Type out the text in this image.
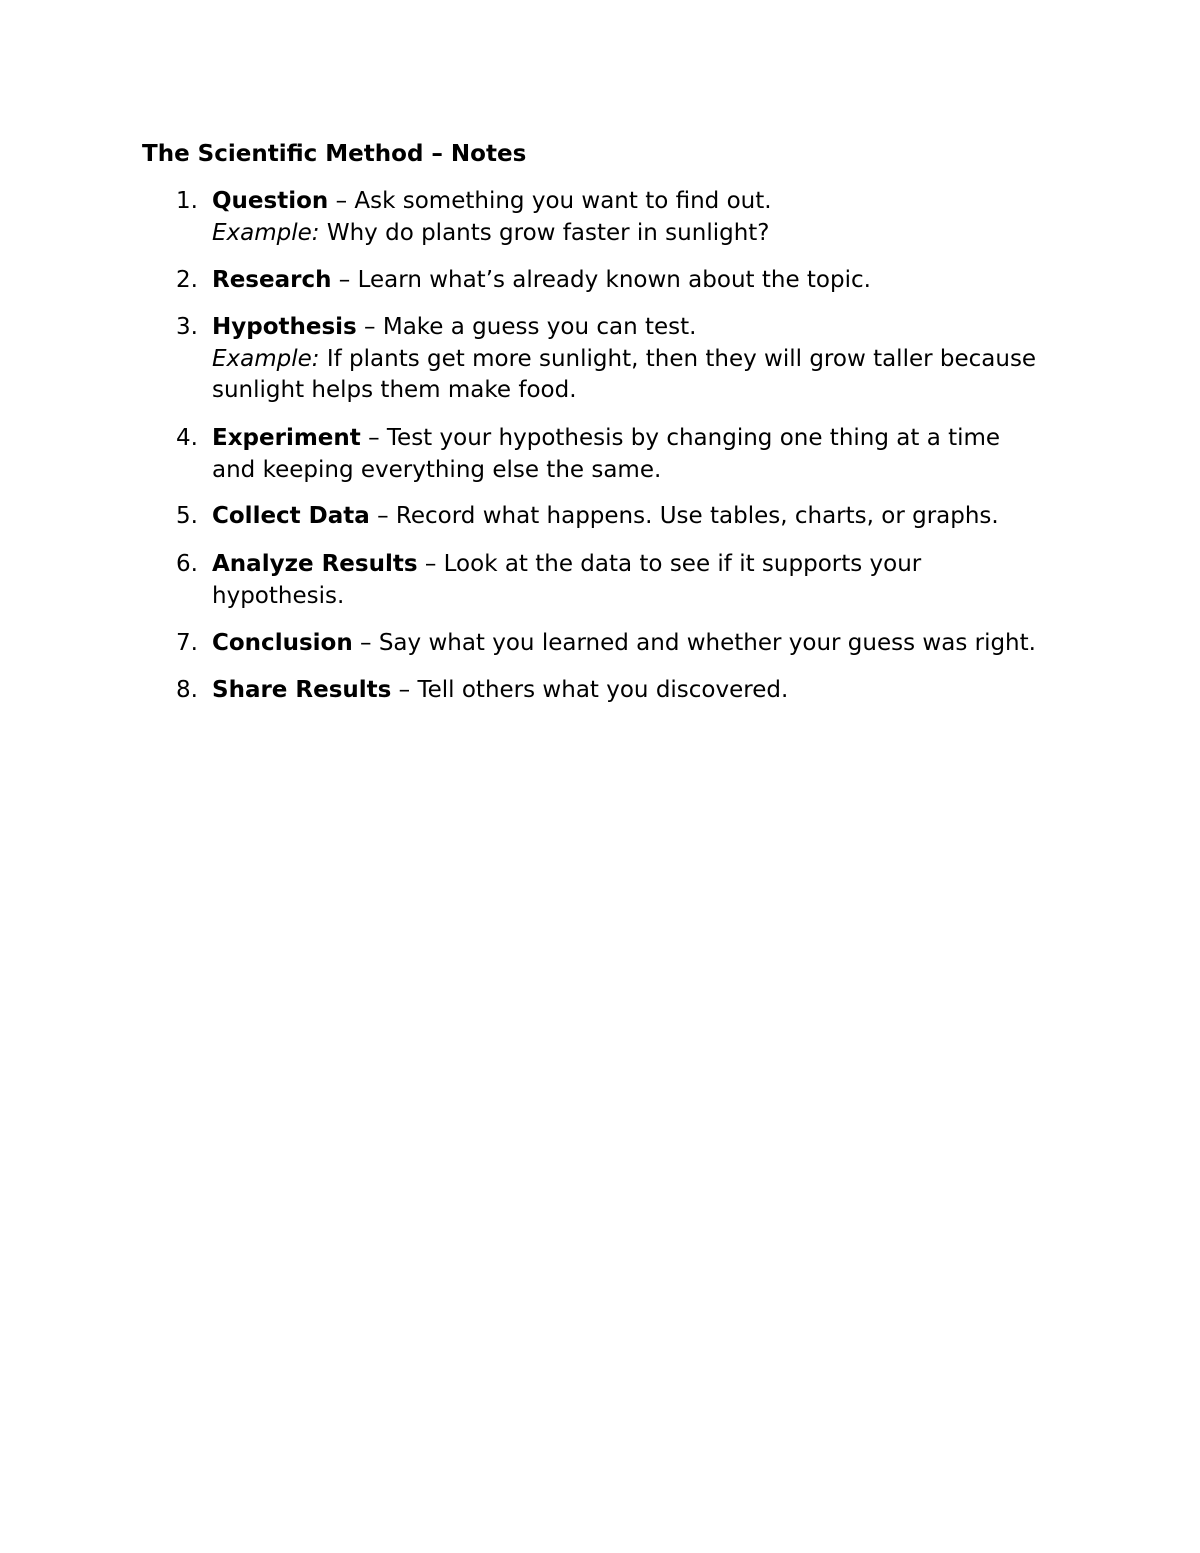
The Scientific Method – Notes
1. Question – Ask something you want to find out.
Example: Why do plants grow faster in sunlight?
2. Research – Learn what’s already known about the topic.
3. Hypothesis – Make a guess you can test.
Example: If plants get more sunlight, then they will grow taller because
sunlight helps them make food.
4. Experiment – Test your hypothesis by changing one thing at a time
and keeping everything else the same.
5. Collect Data – Record what happens. Use tables, charts, or graphs.
6. Analyze Results – Look at the data to see if it supports your
hypothesis.
7. Conclusion – Say what you learned and whether your guess was right.
8. Share Results – Tell others what you discovered.
